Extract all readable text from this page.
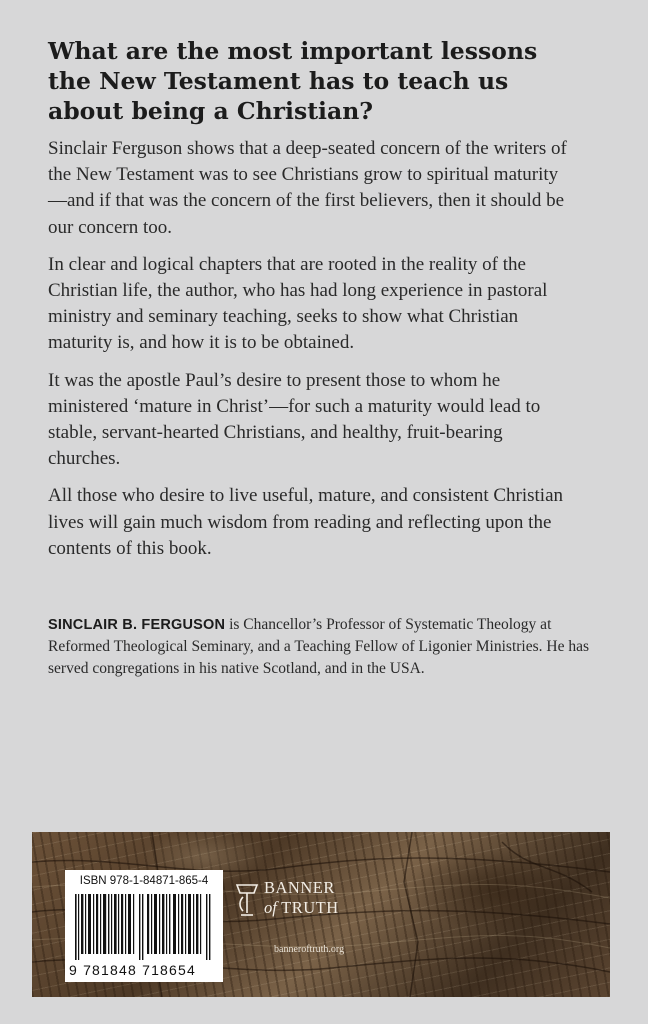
What are the most important lessons the New Testament has to teach us about being a Christian?

Sinclair Ferguson shows that a deep-seated concern of the writers of the New Testament was to see Christians grow to spiritual maturity—and if that was the concern of the first believers, then it should be our concern too.

In clear and logical chapters that are rooted in the reality of the Christian life, the author, who has had long experience in pastoral ministry and seminary teaching, seeks to show what Christian maturity is, and how it is to be obtained.

It was the apostle Paul’s desire to present those to whom he ministered ‘mature in Christ’—for such a maturity would lead to stable, servant-hearted Christians, and healthy, fruit-bearing churches.

All those who desire to live useful, mature, and consistent Christian lives will gain much wisdom from reading and reflecting upon the contents of this book.

SINCLAIR B. FERGUSON is Chancellor’s Professor of Systematic Theology at Reformed Theological Seminary, and a Teaching Fellow of Ligonier Ministries. He has served congregations in his native Scotland, and in the USA.
ISBN 978-1-84871-865-4
9 781848 718654
BANNER
of TRUTH
banneroftruth.org
